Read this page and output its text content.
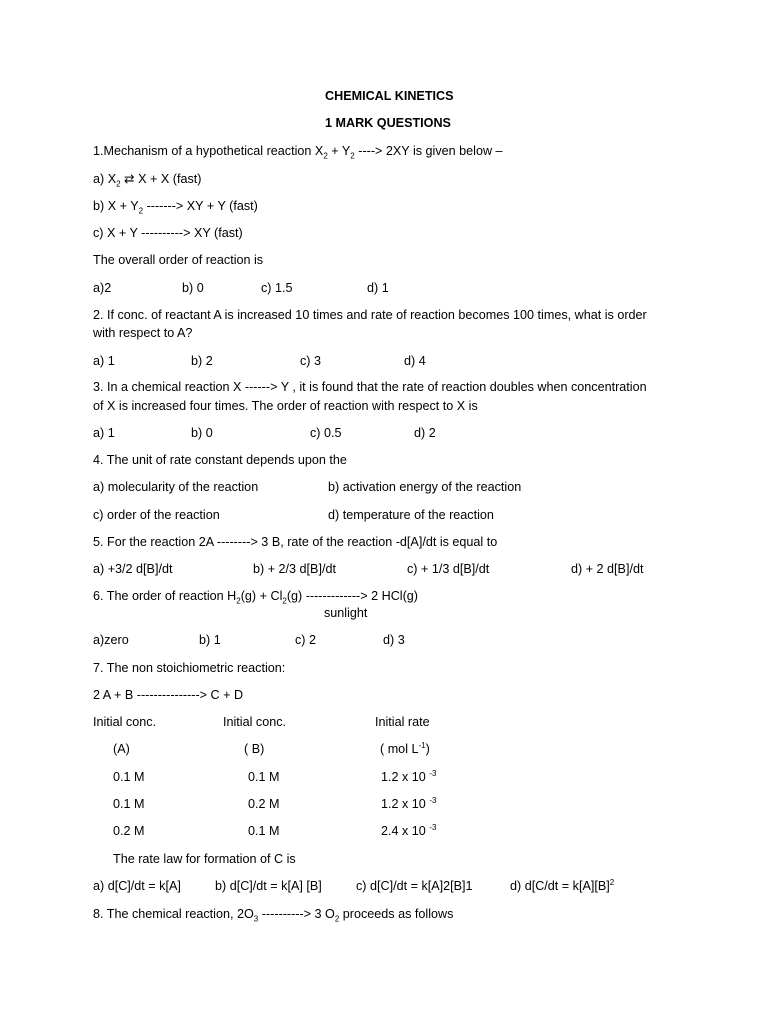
CHEMICAL KINETICS
1 MARK QUESTIONS
1.Mechanism of a hypothetical reaction $X_2 + Y_2$ ----> 2XY is given below –
a) $X_2$ ⇄ X + X (fast)
b) $X + Y_2$ -------> XY + Y (fast)
c) X + Y ----------> XY (fast)
The overall order of reaction is
a)2	b) 0	c) 1.5	d) 1
2. If conc. of reactant A is increased 10 times and rate of reaction becomes 100 times, what is order
with respect to A?
a) 1	b) 2	c) 3	d) 4
3. In a chemical reaction X ------> Y , it is found that the rate of reaction doubles when concentration
of X is increased four times. The order of reaction with respect to X is
a) 1	b) 0	c) 0.5	d) 2
4. The unit of rate constant depends upon the
a) molecularity of the reaction	b) activation energy of the reaction
c) order of the reaction	d) temperature of the reaction
5. For the reaction 2A --------> 3 B, rate of the reaction -d[A]/dt is equal to
a) +3/2 d[B]/dt	b) + 2/3 d[B]/dt	c) + 1/3 d[B]/dt	d) + 2 d[B]/dt
6. The order of reaction $H_2(g) + Cl_2(g)$ -------------> 2 HCl(g)
sunlight
a)zero	b) 1	c) 2	d) 3
7. The non stoichiometric reaction:
2 A + B ---------------> C + D
Initial conc.	Initial conc.	Initial rate
(A)	( B)	( mol $L^{-1}$)
0.1 M	0.1 M	1.2 x 10 $^{-3}$
0.1 M	0.2 M	1.2 x 10 $^{-3}$
0.2 M	0.1 M	2.4 x 10 $^{-3}$
The rate law for formation of C is
a) d[C]/dt = k[A]	b) d[C]/dt = k[A] [B]	c) d[C]/dt = k[A]2[B]1	d) $d[C/dt = k[A][B]^2$
8. The chemical reaction, $2O_3$ ----------> 3 $O_2$ proceeds as follows
